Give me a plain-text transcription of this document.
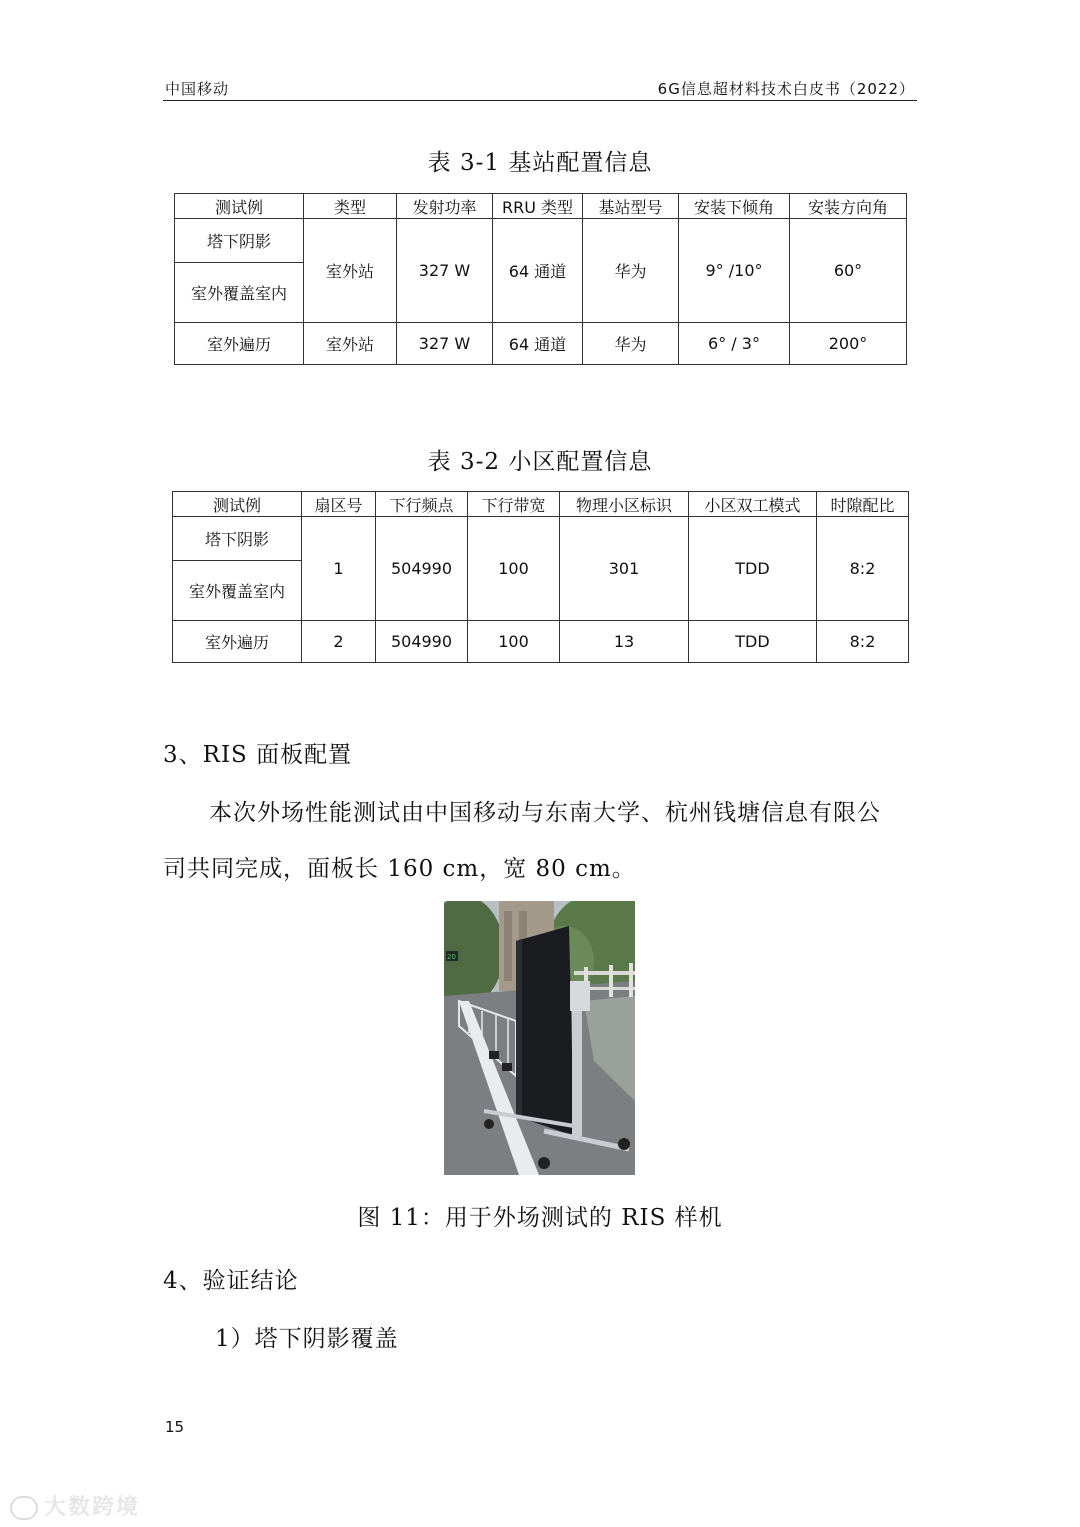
中国移动	6G信息超材料技术白皮书（2022）
表 3-1 基站配置信息
测试例	类型	发射功率	RRU 类型	基站型号	安装下倾角	安装方向角
塔下阴影	室外站	327 W	64 通道	华为	9° /10°	60°
室外覆盖室内						
室外遍历	室外站	327 W	64 通道	华为	6° / 3°	200°
表 3-2 小区配置信息
测试例	扇区号	下行频点	下行带宽	物理小区标识	小区双工模式	时隙配比
塔下阴影	1	504990	100	301	TDD	8:2
室外覆盖室内						
室外遍历	2	504990	100	13	TDD	8:2
3、RIS 面板配置
本次外场性能测试由中国移动与东南大学、杭州钱塘信息有限公
司共同完成，面板长 160 cm，宽 80 cm。
20
图 11：用于外场测试的 RIS 样机
4、验证结论
1）塔下阴影覆盖
15
大数跨境
